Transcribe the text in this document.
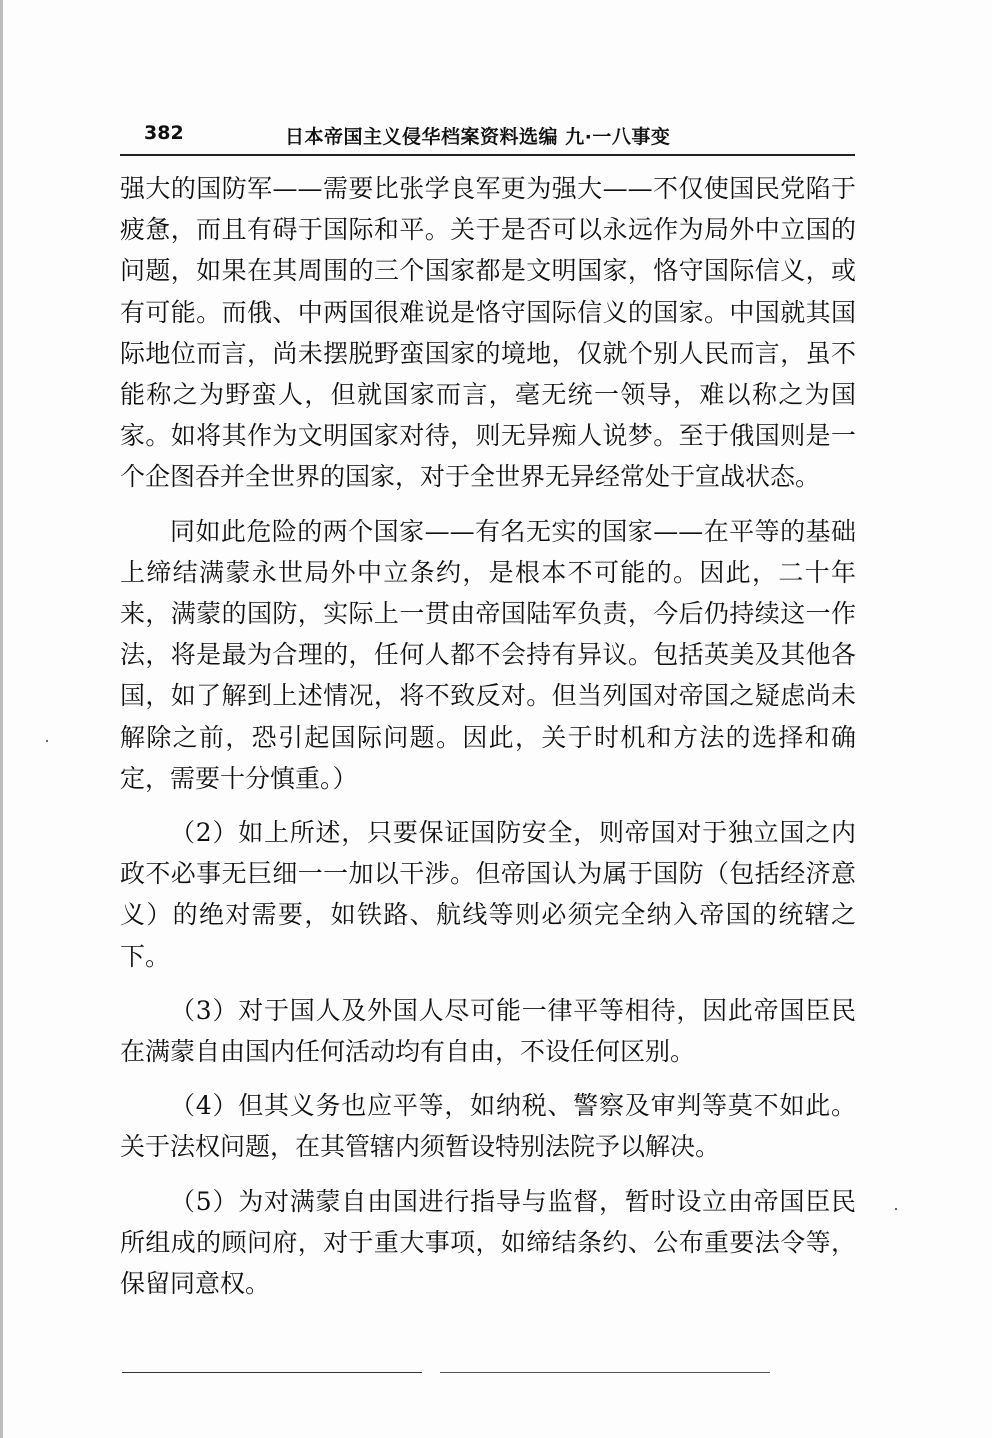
382	日本帝国主义侵华档案资料选编 九·一八事变

强大的国防军——需要比张学良军更为强大——不仅使国民党陷于疲惫，而且有碍于国际和平。关于是否可以永远作为局外中立国的问题，如果在其周围的三个国家都是文明国家，恪守国际信义，或有可能。而俄、中两国很难说是恪守国际信义的国家。中国就其国际地位而言，尚未摆脱野蛮国家的境地，仅就个别人民而言，虽不能称之为野蛮人，但就国家而言，毫无统一领导，难以称之为国家。如将其作为文明国家对待，则无异痴人说梦。至于俄国则是一个企图吞并全世界的国家，对于全世界无异经常处于宣战状态。

同如此危险的两个国家——有名无实的国家——在平等的基础上缔结满蒙永世局外中立条约，是根本不可能的。因此，二十年来，满蒙的国防，实际上一贯由帝国陆军负责，今后仍持续这一作法，将是最为合理的，任何人都不会持有异议。包括英美及其他各国，如了解到上述情况，将不致反对。但当列国对帝国之疑虑尚未解除之前，恐引起国际问题。因此，关于时机和方法的选择和确定，需要十分慎重。）

（2）如上所述，只要保证国防安全，则帝国对于独立国之内政不必事无巨细一一加以干涉。但帝国认为属于国防（包括经济意义）的绝对需要，如铁路、航线等则必须完全纳入帝国的统辖之下。

（3）对于国人及外国人尽可能一律平等相待，因此帝国臣民在满蒙自由国内任何活动均有自由，不设任何区别。

（4）但其义务也应平等，如纳税、警察及审判等莫不如此。关于法权问题，在其管辖内须暂设特别法院予以解决。

（5）为对满蒙自由国进行指导与监督，暂时设立由帝国臣民所组成的顾问府，对于重大事项，如缔结条约、公布重要法令等，保留同意权。
